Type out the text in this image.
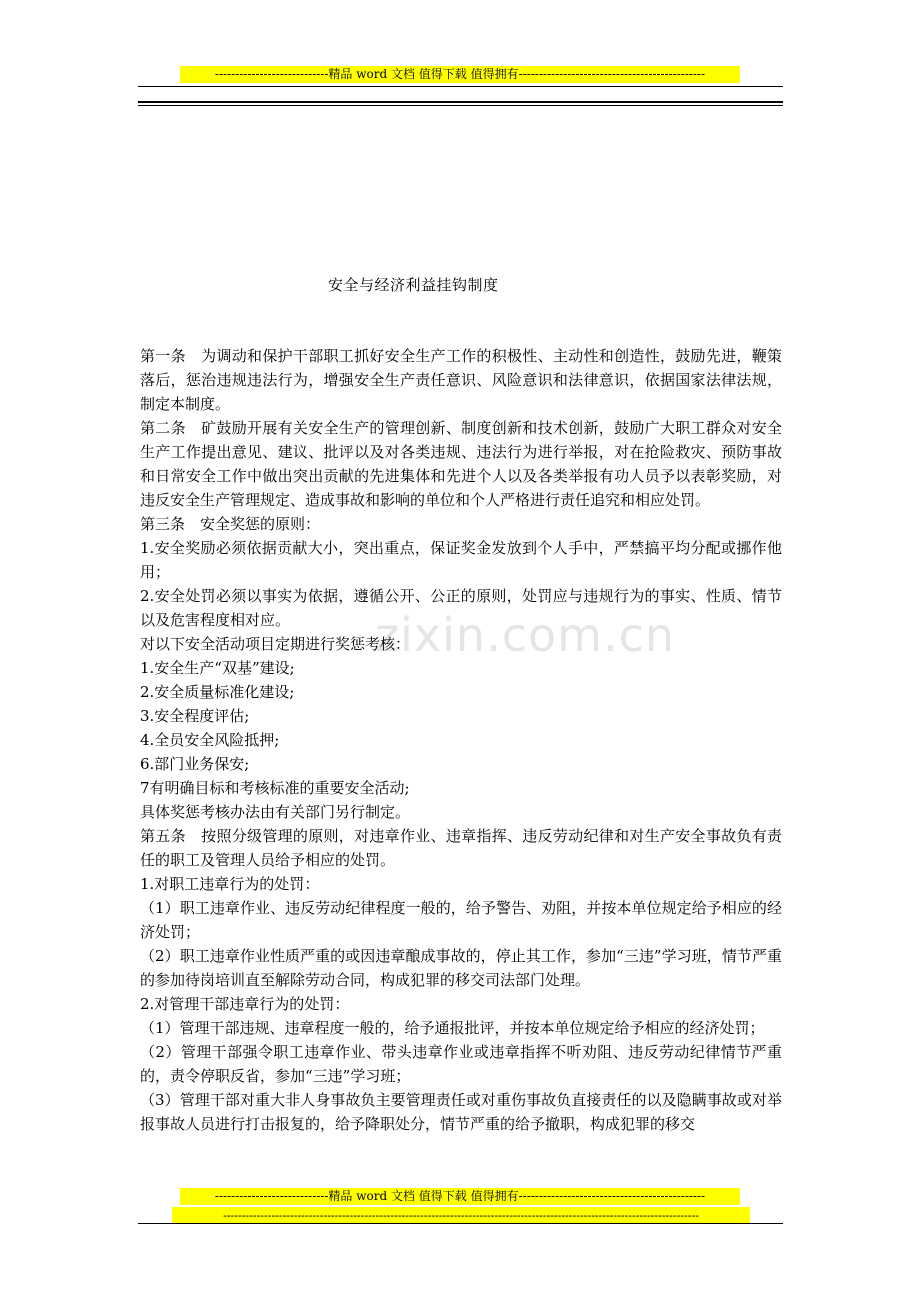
----------------------------精品 word 文档 值得下载 值得拥有----------------------------------------------
安全与经济利益挂钩制度
zixin.com.cn

第一条　为调动和保护干部职工抓好安全生产工作的积极性、主动性和创造性，鼓励先进，鞭策落后，惩治违规违法行为，增强安全生产责任意识、风险意识和法律意识，依据国家法律法规，制定本制度。

第二条　矿鼓励开展有关安全生产的管理创新、制度创新和技术创新，鼓励广大职工群众对安全生产工作提出意见、建议、批评以及对各类违规、违法行为进行举报，对在抢险救灾、预防事故和日常安全工作中做出突出贡献的先进集体和先进个人以及各类举报有功人员予以表彰奖励，对违反安全生产管理规定、造成事故和影响的单位和个人严格进行责任追究和相应处罚。

第三条　安全奖惩的原则：

1.安全奖励必须依据贡献大小，突出重点，保证奖金发放到个人手中，严禁搞平均分配或挪作他用；

2.安全处罚必须以事实为依据，遵循公开、公正的原则，处罚应与违规行为的事实、性质、情节以及危害程度相对应。

对以下安全活动项目定期进行奖惩考核：

1.安全生产“双基”建设;

2.安全质量标准化建设;

3.安全程度评估;

4.全员安全风险抵押;

6.部门业务保安;

7有明确目标和考核标准的重要安全活动;

具体奖惩考核办法由有关部门另行制定。

第五条　按照分级管理的原则，对违章作业、违章指挥、违反劳动纪律和对生产安全事故负有责任的职工及管理人员给予相应的处罚。

1.对职工违章行为的处罚：

（1）职工违章作业、违反劳动纪律程度一般的，给予警告、劝阻，并按本单位规定给予相应的经济处罚；

（2）职工违章作业性质严重的或因违章酿成事故的，停止其工作，参加“三违”学习班，情节严重的参加待岗培训直至解除劳动合同，构成犯罪的移交司法部门处理。

2.对管理干部违章行为的处罚：

（1）管理干部违规、违章程度一般的，给予通报批评，并按本单位规定给予相应的经济处罚；

（2）管理干部强令职工违章作业、带头违章作业或违章指挥不听劝阻、违反劳动纪律情节严重的，责令停职反省，参加“三违”学习班；

（3）管理干部对重大非人身事故负主要管理责任或对重伤事故负直接责任的以及隐瞒事故或对举报事故人员进行打击报复的，给予降职处分，情节严重的给予撤职，构成犯罪的移交

----------------------------精品 word 文档 值得下载 值得拥有----------------------------------------------
--------------------------------------------------------------------------------------------------------------------------------
